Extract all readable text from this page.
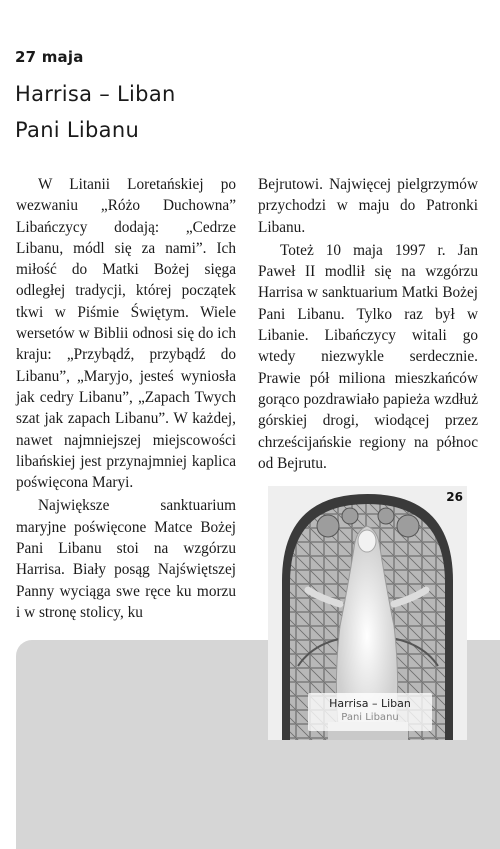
27 maja
Harrisa – Liban
Pani Libanu

W Litanii Loretańskiej po wezwaniu „Różo Duchowna” Libańczycy dodają: „Cedrze Libanu, módl się za nami”. Ich miłość do Matki Bożej sięga odległej tradycji, której początek tkwi w Piśmie Świętym. Wiele wersetów w Biblii odnosi się do ich kraju: „Przybądź, przybądź do Libanu”, „Maryjo, jesteś wyniosła jak cedry Libanu”, „Zapach Twych szat jak zapach Libanu”. W każdej, nawet najmniejszej miejscowości libańskiej jest przynajmniej kaplica poświęcona Maryi.

Największe sanktuarium maryjne poświęcone Matce Bożej Pani Libanu stoi na wzgórzu Harrisa. Biały posąg Najświętszej Panny wyciąga swe ręce ku morzu i w stronę stolicy, ku

Bejrutowi. Najwięcej pielgrzymów przychodzi w maju do Patronki Libanu.

Toteż 10 maja 1997 r. Jan Paweł II modlił się na wzgórzu Harrisa w sanktuarium Matki Bożej Pani Libanu. Tylko raz był w Libanie. Libańczycy witali go wtedy niezwykle serdecznie. Prawie pół miliona mieszkańców gorąco pozdrawiało papieża wzdłuż górskiej drogi, wiodącej przez chrześcijańskie regiony na północ od Bejrutu.

26
Harrisa – Liban
Pani Libanu
